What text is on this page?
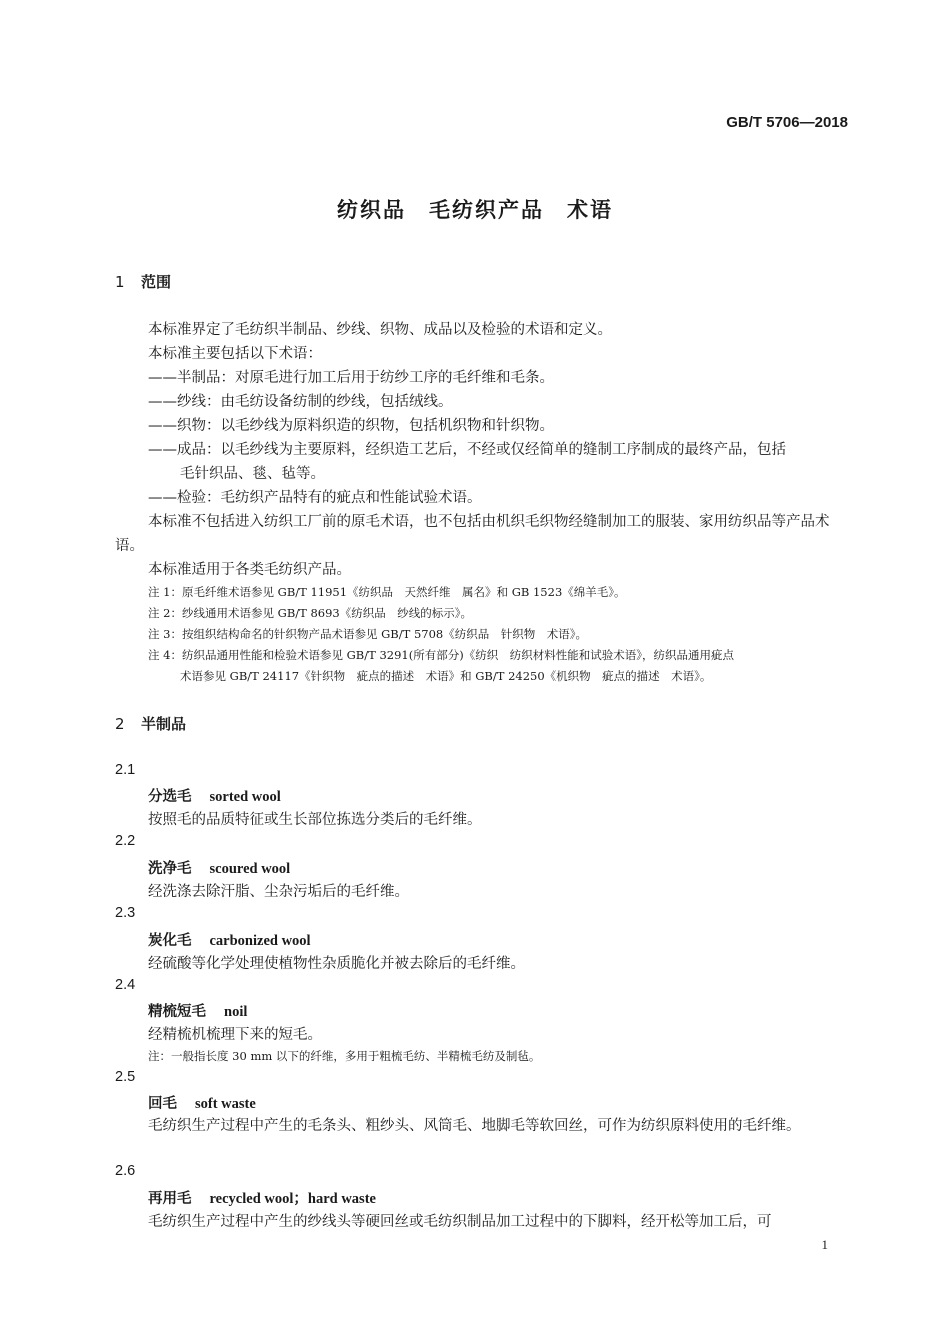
GB/T 5706—2018
纺织品　毛纺织产品　术语
1 范围
本标准界定了毛纺织半制品、纱线、织物、成品以及检验的术语和定义。
本标准主要包括以下术语：
——半制品：对原毛进行加工后用于纺纱工序的毛纤维和毛条。
——纱线：由毛纺设备纺制的纱线，包括绒线。
——织物：以毛纱线为原料织造的织物，包括机织物和针织物。
——成品：以毛纱线为主要原料，经织造工艺后，不经或仅经简单的缝制工序制成的最终产品，包括
毛针织品、毯、毡等。
——检验：毛纺织产品特有的疵点和性能试验术语。
本标准不包括进入纺织工厂前的原毛术语，也不包括由机织毛织物经缝制加工的服装、家用纺织品等产品术语。
本标准适用于各类毛纺织产品。
注 1：原毛纤维术语参见 GB/T 11951《纺织品　天然纤维　属名》和 GB 1523《绵羊毛》。
注 2：纱线通用术语参见 GB/T 8693《纺织品　纱线的标示》。
注 3：按组织结构命名的针织物产品术语参见 GB/T 5708《纺织品　针织物　术语》。
注 4：纺织品通用性能和检验术语参见 GB/T 3291(所有部分)《纺织　纺织材料性能和试验术语》，纺织品通用疵点
术语参见 GB/T 24117《针织物　疵点的描述　术语》和 GB/T 24250《机织物　疵点的描述　术语》。
2 半制品
2.1
分选毛 sorted wool
按照毛的品质特征或生长部位拣选分类后的毛纤维。
2.2
洗净毛 scoured wool
经洗涤去除汗脂、尘杂污垢后的毛纤维。
2.3
炭化毛 carbonized wool
经硫酸等化学处理使植物性杂质脆化并被去除后的毛纤维。
2.4
精梳短毛 noil
经精梳机梳理下来的短毛。
注：一般指长度 30 mm 以下的纤维，多用于粗梳毛纺、半精梳毛纺及制毡。
2.5
回毛 soft waste
毛纺织生产过程中产生的毛条头、粗纱头、风筒毛、地脚毛等软回丝，可作为纺织原料使用的毛纤维。
2.6
再用毛 recycled wool；hard waste
毛纺织生产过程中产生的纱线头等硬回丝或毛纺织制品加工过程中的下脚料，经开松等加工后，可
1
